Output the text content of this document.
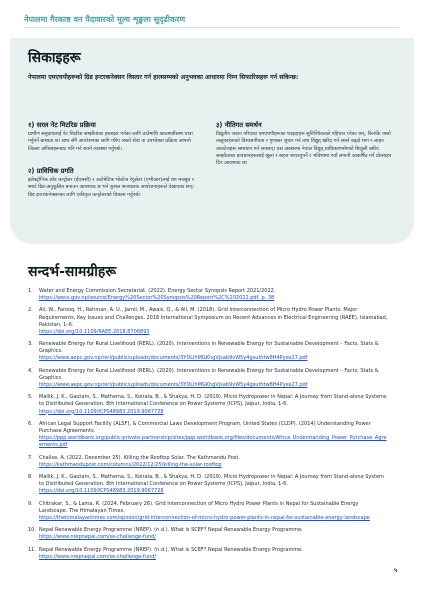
नेपालमा गैरकाष्ठ वन पैदावारको मूल्य शृङ्खला सुदृढीकरण
सिकाइहरू
नेपालमा एमएचपीहरूको ग्रिड इन्टरकनेक्सन विस्तार गर्न हालसम्मको अनुभवका आधारमा निम्न सिफारिसहरू गर्न सकिन्छ:
१) सरल नेट मिटरिङ प्रक्रिया
ग्रामीण समुदायलाई नेट मिटरिङ सम्झौताका हस्ताक्षर गर्नका लागि ठाउँमाथि काठमाडौंसम्म यात्रा गर्नुपर्ने बाध्यता छ। साथ सँगै आपरेशनका लागि गरिए जस्तो सेवा वा उपभोक्ता प्रक्रिया आफ्नो जिल्ला अफिसहरूबाट पनि गर्न सक्ने व्यवस्था गर्नुपर्छ।
२) प्राविधिक प्रगति
इलेक्ट्रोनिक लोड कन्ट्रोलर (ईएलसी) र अटोमेटिक भोल्टेज रेगुलेटर (एभीआर)लाई थप मजबुत र स्मार्ट ग्रिड-अनुकूलित बनाउन आवश्यक छ भने कुशल सञ्चालक आयोजनाहरूले देखाएका छन्। ग्रिड इन्टरकनेक्सनका लागि एकीकृत कन्ट्रोलरको विकास गर्नुपर्छ।
३) नीतिगत समर्थन
विद्युतीय जडान गरिएका एमएचपीहरूका फाइदाहरू सुनिश्चितताले पहिचान गरेका छन्, किनकि यस्तो तालुकाहरूको विश्वसनीयता र गुणस्तर सुधार गर्न तथा विद्युत् खरिद गर्न सक्ने बढ्दो माग र लाइन आउटेजहरू समाधान गर्न सक्छन्। यस अवसरमा नेपाल विद्युत् प्राधिकरणसँगको बिजुली खरिद सम्झौताका प्रावधानहरूलाई खुला र सहज बनाउनुपर्ने र भविष्यमा नयाँ लगानी आकर्षित गर्न प्रोत्साहन दिन आवश्यक छ।
सन्दर्भ-सामग्रीहरू
1.	Water and Energy Commission Secretariat. (2022). Energy Sector Synopsis Report 2021/2022.
https://wecs.gov.np/source/Energy%20Sector%20Synopsis%20Report%2C%202022.pdf, p. 38
2.	Ali, W., Farooq, H., Rehman, A. U., Jamil, M., Awais, Q., & Ali, M. (2018). Grid Interconnection of Micro Hydro Power Plants: Major Requirements, Key Issues and Challenges. 2018 International Symposium on Recent Advances in Electrical Engineering (RAEE), Islamabad, Pakistan, 1–6.
https://doi.org/10.1109/RAEE.2018.8706893
3.	Renewable Energy for Rural Livelihood (RERL). (2020). Interventions in Renewable Energy for Sustainable Development – Facts, Stats & Graphics.
https://www.aepc.gov.np/rerl/public/uploads/documents/3YDLIhMGKhgVjsab9vW5y4gsuthtw8H4Pyes27.pdf
4.	Renewable Energy for Rural Livelihood (RERL). (2020). Interventions in Renewable Energy for Sustainable Development – Facts, Stats & Graphics.
https://www.aepc.gov.np/rerl/public/uploads/documents/3YDLIhMGKhgVjsab9vW5y4gsuthtw8H4Pyes27.pdf
5.	Mallik, J. K., Gautam, S., Mathema, S., Koirala, B., & Shakya, H. D. (2019). Micro Hydropower in Nepal: A Journey from Stand-alone Systems to Distributed Generation. 8th International Conference on Power Systems (ICPS), Jaipur, India, 1-6.
https://doi.org/10.1109/ICPS48983.2019.9067728
6.	African Legal Support Facility (ALSF), & Commercial Laws Development Program, United States (CLDP). (2014) Understanding Power Purchase Agreements.
https://ppp.worldbank.org/public-private-partnership/sites/ppp.worldbank.org/files/documents/Africa_Understanding_Power_Purchase_Agreements.pdf
7.	Chalise, A. (2022, December 25). Killing the Rooftop Solar. The Kathmandu Post.
https://kathmandupost.com/columns/2022/12/25/killing-the-solar-rooftop
8.	Mallik, J. K., Gautam, S., Mathema, S., Koirala, B., & Shakya, H. D. (2019). Micro Hydropower in Nepal: A Journey from Stand-alone System to Distributed Generation. 8th International Conference on Power Systems (ICPS), Jaipur, India, 1-6.
https://doi.org/10.1109/ICPS48983.2019.9067728
9.	Chitrakar, S., & Lama, R. (2024, February 26). Grid Interconnection of Micro Hydro Power Plants in Nepal for Sustainable Energy Landscape. The Himalayan Times.
https://thehimalayantimes.com/opinion/grid-interconnection-of-micro-hydro-power-plants-in-nepal-for-sustainable-energy-landscape
10. Nepal Renewable Energy Programme (NREP). (n.d.). What is SCEF? Nepal Renewable Energy Programme.
https://www.nrepnepal.com/se-challenge-fund/
11. Nepal Renewable Energy Programme (NREP). (n.d.). What is SCEF? Nepal Renewable Energy Programme.
https://www.nrepnepal.com/se-challenge-fund/
५
